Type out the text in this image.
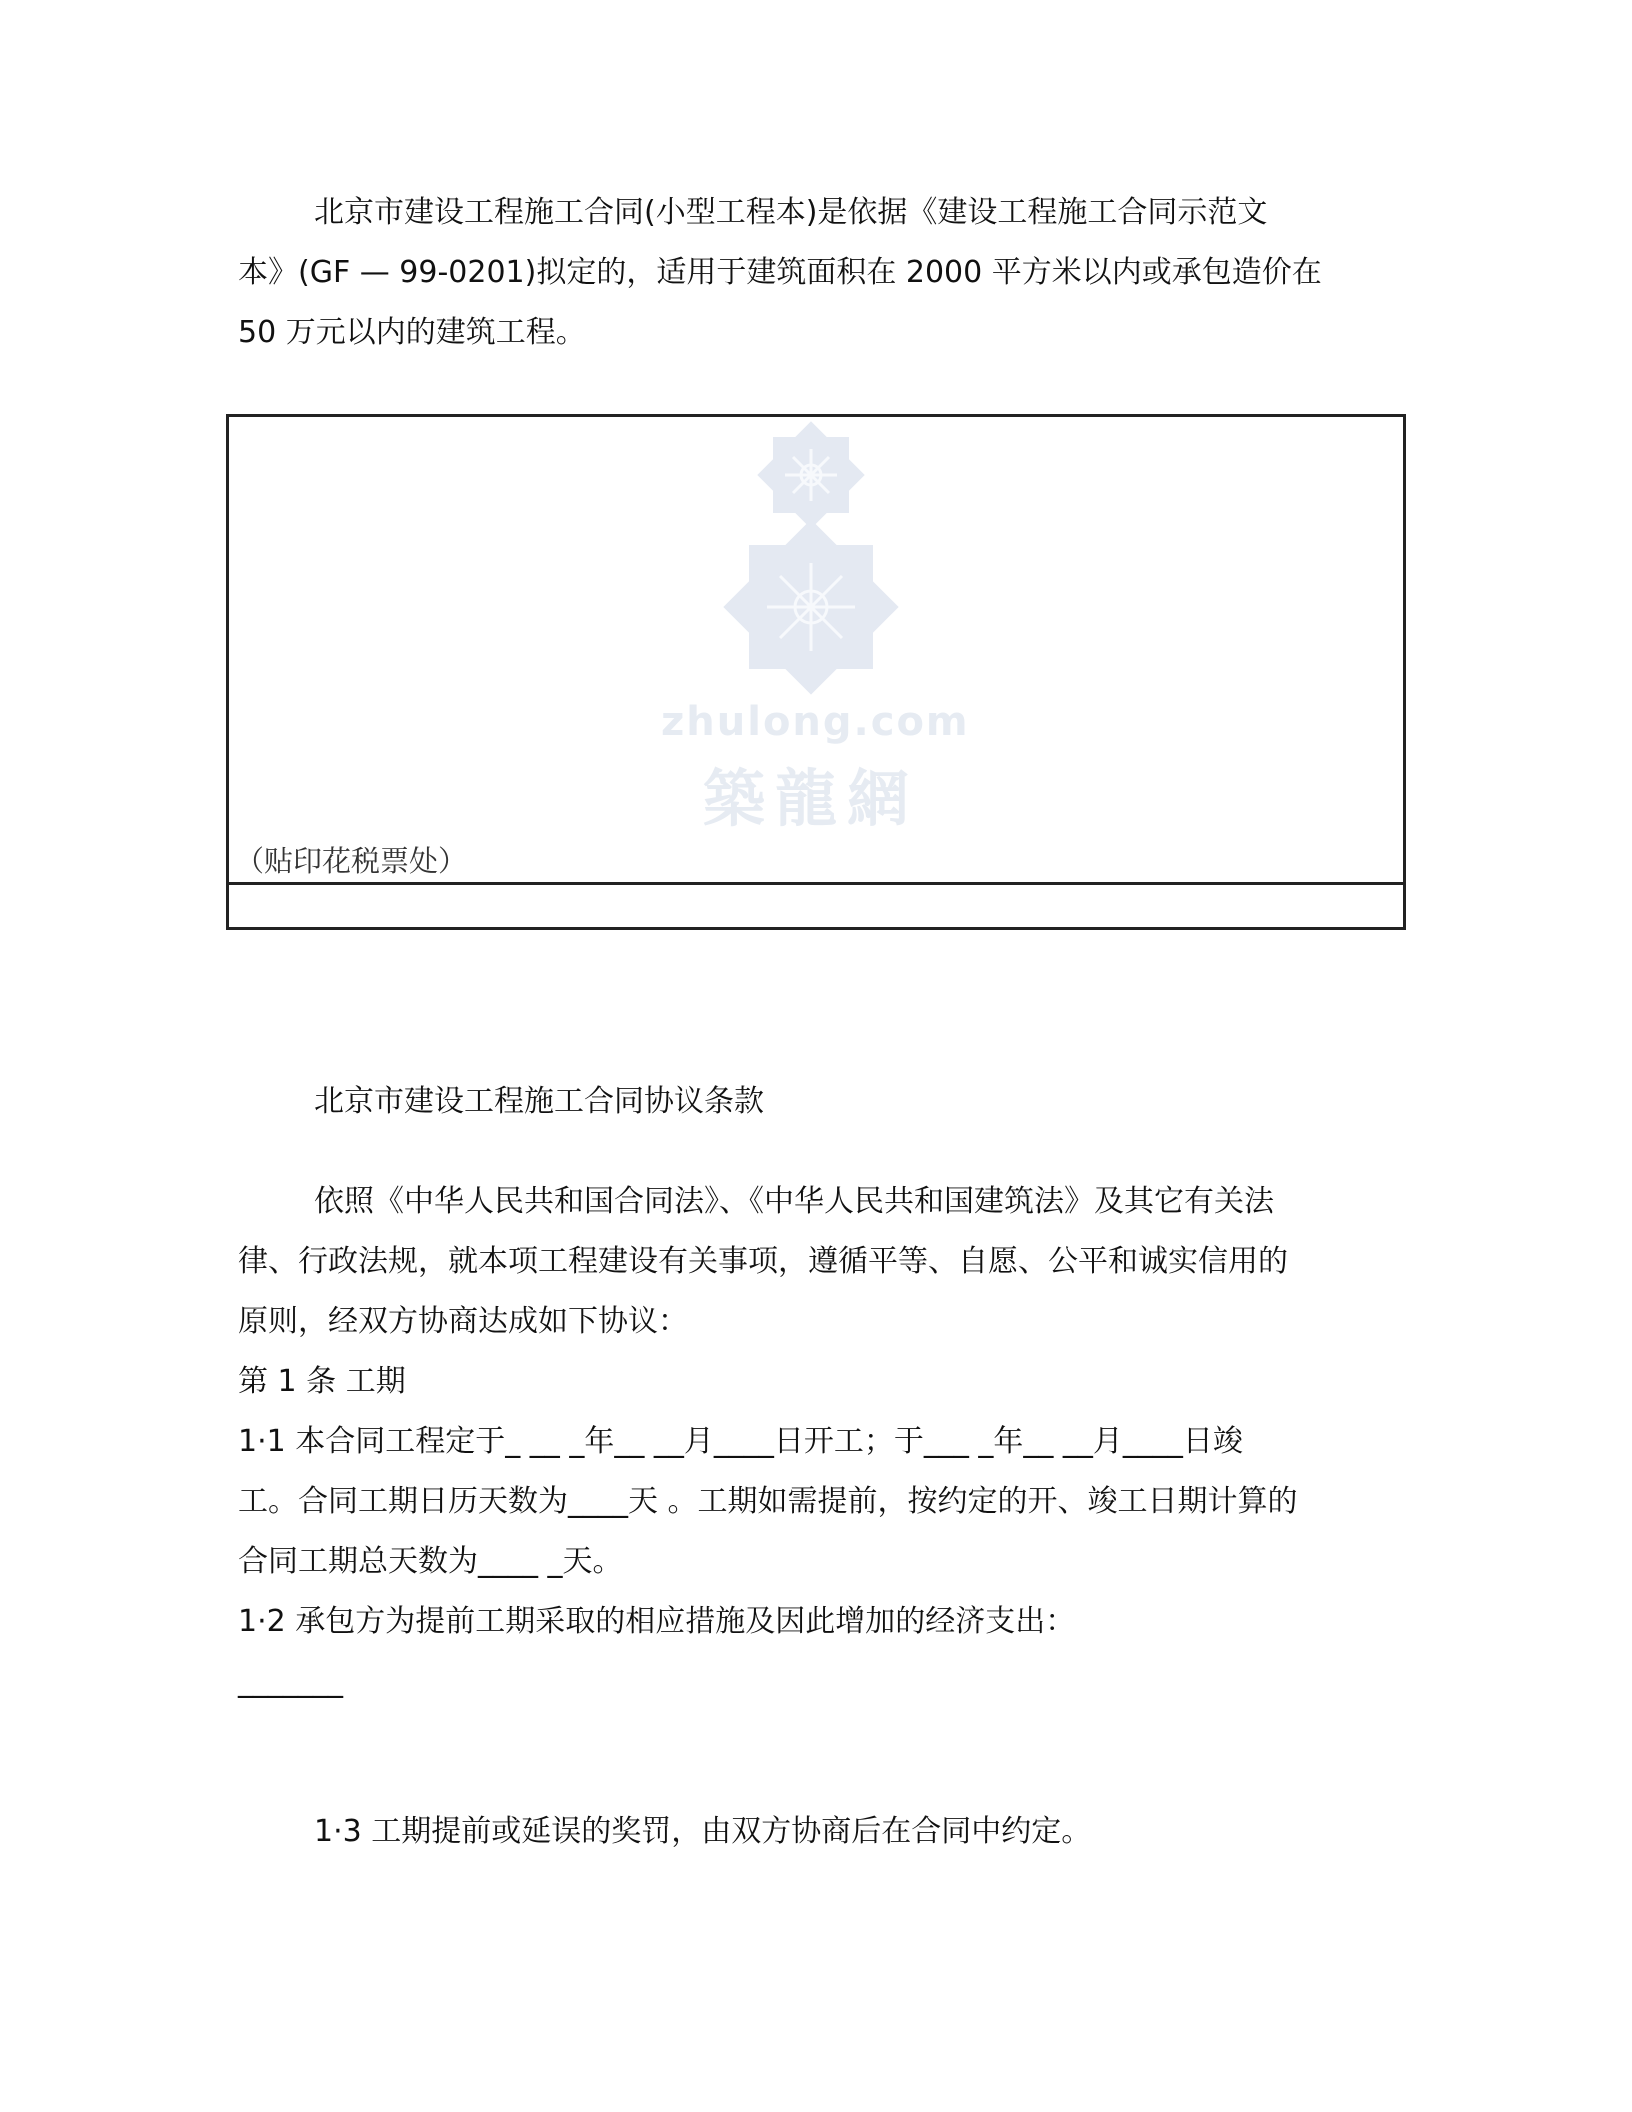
北京市建设工程施工合同(小型工程本)是依据《建设工程施工合同示范文
本》(GF — 99-0201)拟定的，适用于建筑面积在 2000 平方米以内或承包造价在
50 万元以内的建筑工程。
zhulong.com
築龍網
（贴印花税票处）
北京市建设工程施工合同协议条款
依照《中华人民共和国合同法》、《中华人民共和国建筑法》及其它有关法
律、行政法规，就本项工程建设有关事项，遵循平等、自愿、公平和诚实信用的
原则，经双方协商达成如下协议：
第 1 条 工期
1·1 本合同工程定于_ __ _年__ __月____日开工；于___ _年__ __月____日竣
工。合同工期日历天数为____天 。工期如需提前，按约定的开、竣工日期计算的
合同工期总天数为____ _天。
1·2 承包方为提前工期采取的相应措施及因此增加的经济支出：
_______
1·3 工期提前或延误的奖罚，由双方协商后在合同中约定。
